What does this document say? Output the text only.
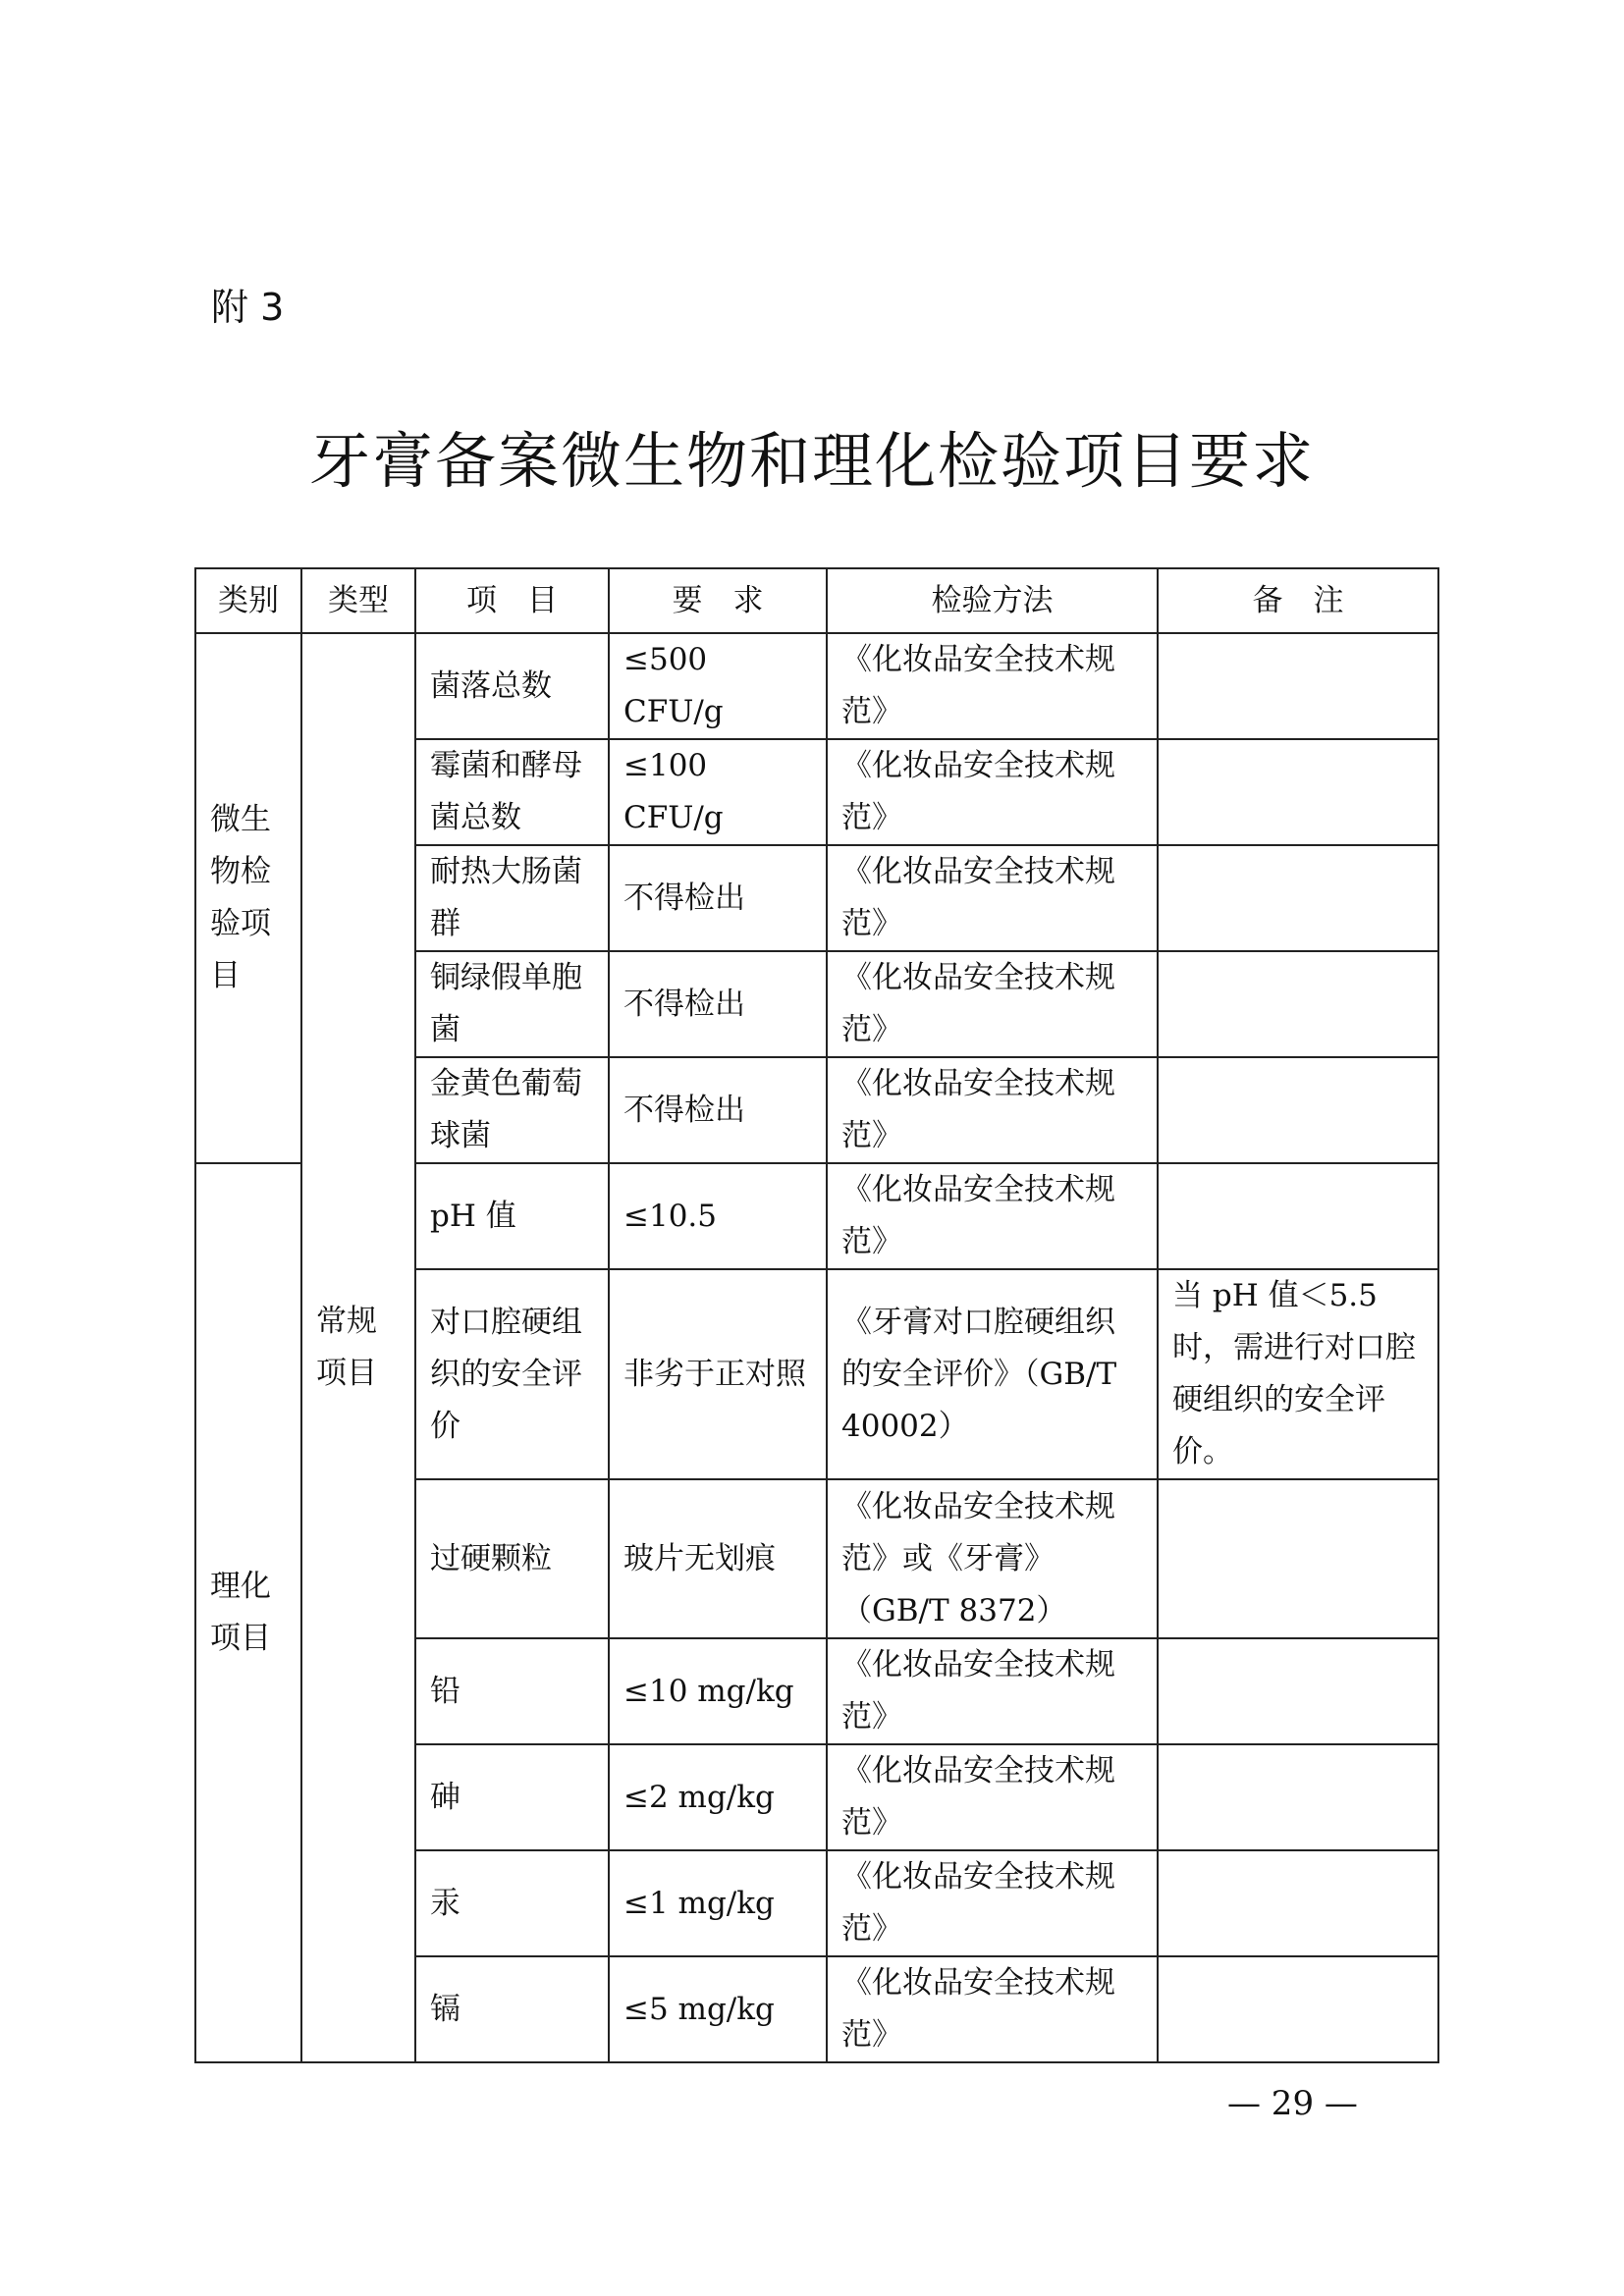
附 3
牙膏备案微生物和理化检验项目要求
类别	类型	项　目	要　求	检验方法	备　注
微生物检验项目	常规项目	菌落总数	≤500 CFU/g	《化妆品安全技术规范》	
		霉菌和酵母菌总数	≤100 CFU/g	《化妆品安全技术规范》	
		耐热大肠菌群	不得检出	《化妆品安全技术规范》	
		铜绿假单胞菌	不得检出	《化妆品安全技术规范》	
		金黄色葡萄球菌	不得检出	《化妆品安全技术规范》	
理化项目		pH 值	≤10.5	《化妆品安全技术规范》	
		对口腔硬组织的安全评价	非劣于正对照	《牙膏对口腔硬组织的安全评价》（GB/T 40002）	当 pH 值＜5.5 时，需进行对口腔硬组织的安全评价。
		过硬颗粒	玻片无划痕	《化妆品安全技术规范》或《牙膏》（GB/T 8372）	
		铅	≤10 mg/kg	《化妆品安全技术规范》	
		砷	≤2 mg/kg	《化妆品安全技术规范》	
		汞	≤1 mg/kg	《化妆品安全技术规范》	
		镉	≤5 mg/kg	《化妆品安全技术规范》	
— 29 —
